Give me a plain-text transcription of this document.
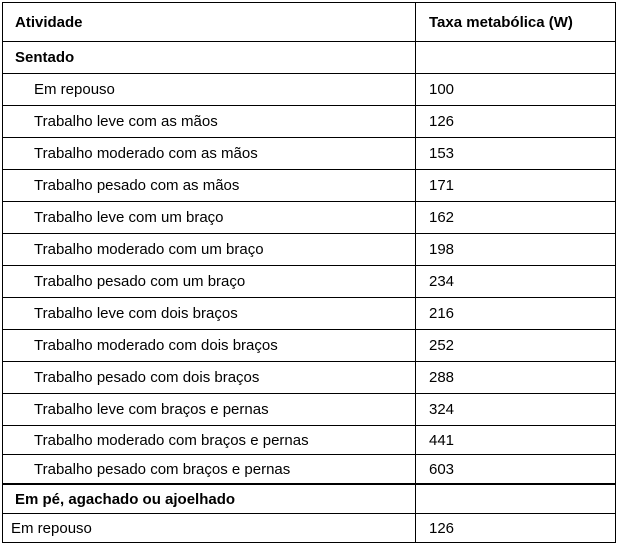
Atividade	Taxa metabólica (W)
Sentado	
Em repouso	100
Trabalho leve com as mãos	126
Trabalho moderado com as mãos	153
Trabalho pesado com as mãos	171
Trabalho leve com um braço	162
Trabalho moderado com um braço	198
Trabalho pesado com um braço	234
Trabalho leve com dois braços	216
Trabalho moderado com dois braços	252
Trabalho pesado com dois braços	288
Trabalho leve com braços e pernas	324
Trabalho moderado com braços e pernas	441
Trabalho pesado com braços e pernas	603
Em pé, agachado ou ajoelhado	
Em repouso	126
